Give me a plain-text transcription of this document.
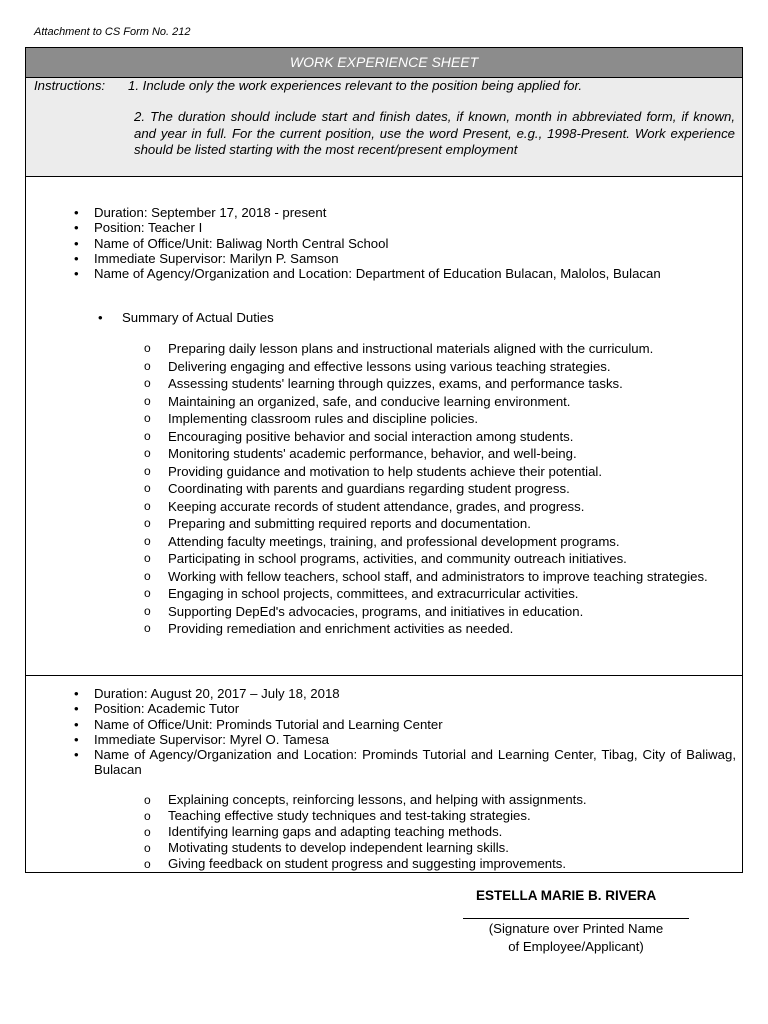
Attachment to CS Form No. 212
WORK EXPERIENCE SHEET
Instructions: 1. Include only the work experiences relevant to the position being applied for.
2. The duration should include start and finish dates, if known, month in abbreviated form, if known, and year in full. For the current position, use the word Present, e.g., 1998-Present. Work experience should be listed starting with the most recent/present employment
• Duration: September 17, 2018 - present
• Position: Teacher I
• Name of Office/Unit: Baliwag North Central School
• Immediate Supervisor: Marilyn P. Samson
• Name of Agency/Organization and Location: Department of Education Bulacan, Malolos, Bulacan
• Summary of Actual Duties
o Preparing daily lesson plans and instructional materials aligned with the curriculum.
o Delivering engaging and effective lessons using various teaching strategies.
o Assessing students' learning through quizzes, exams, and performance tasks.
o Maintaining an organized, safe, and conducive learning environment.
o Implementing classroom rules and discipline policies.
o Encouraging positive behavior and social interaction among students.
o Monitoring students' academic performance, behavior, and well-being.
o Providing guidance and motivation to help students achieve their potential.
o Coordinating with parents and guardians regarding student progress.
o Keeping accurate records of student attendance, grades, and progress.
o Preparing and submitting required reports and documentation.
o Attending faculty meetings, training, and professional development programs.
o Participating in school programs, activities, and community outreach initiatives.
o Working with fellow teachers, school staff, and administrators to improve teaching strategies.
o Engaging in school projects, committees, and extracurricular activities.
o Supporting DepEd's advocacies, programs, and initiatives in education.
o Providing remediation and enrichment activities as needed.
• Duration: August 20, 2017 – July 18, 2018
• Position: Academic Tutor
• Name of Office/Unit: Prominds Tutorial and Learning Center
• Immediate Supervisor: Myrel O. Tamesa
• Name of Agency/Organization and Location: Prominds Tutorial and Learning Center, Tibag, City of Baliwag, Bulacan
o Explaining concepts, reinforcing lessons, and helping with assignments.
o Teaching effective study techniques and test-taking strategies.
o Identifying learning gaps and adapting teaching methods.
o Motivating students to develop independent learning skills.
o Giving feedback on student progress and suggesting improvements.
ESTELLA MARIE B. RIVERA
(Signature over Printed Name
of Employee/Applicant)
